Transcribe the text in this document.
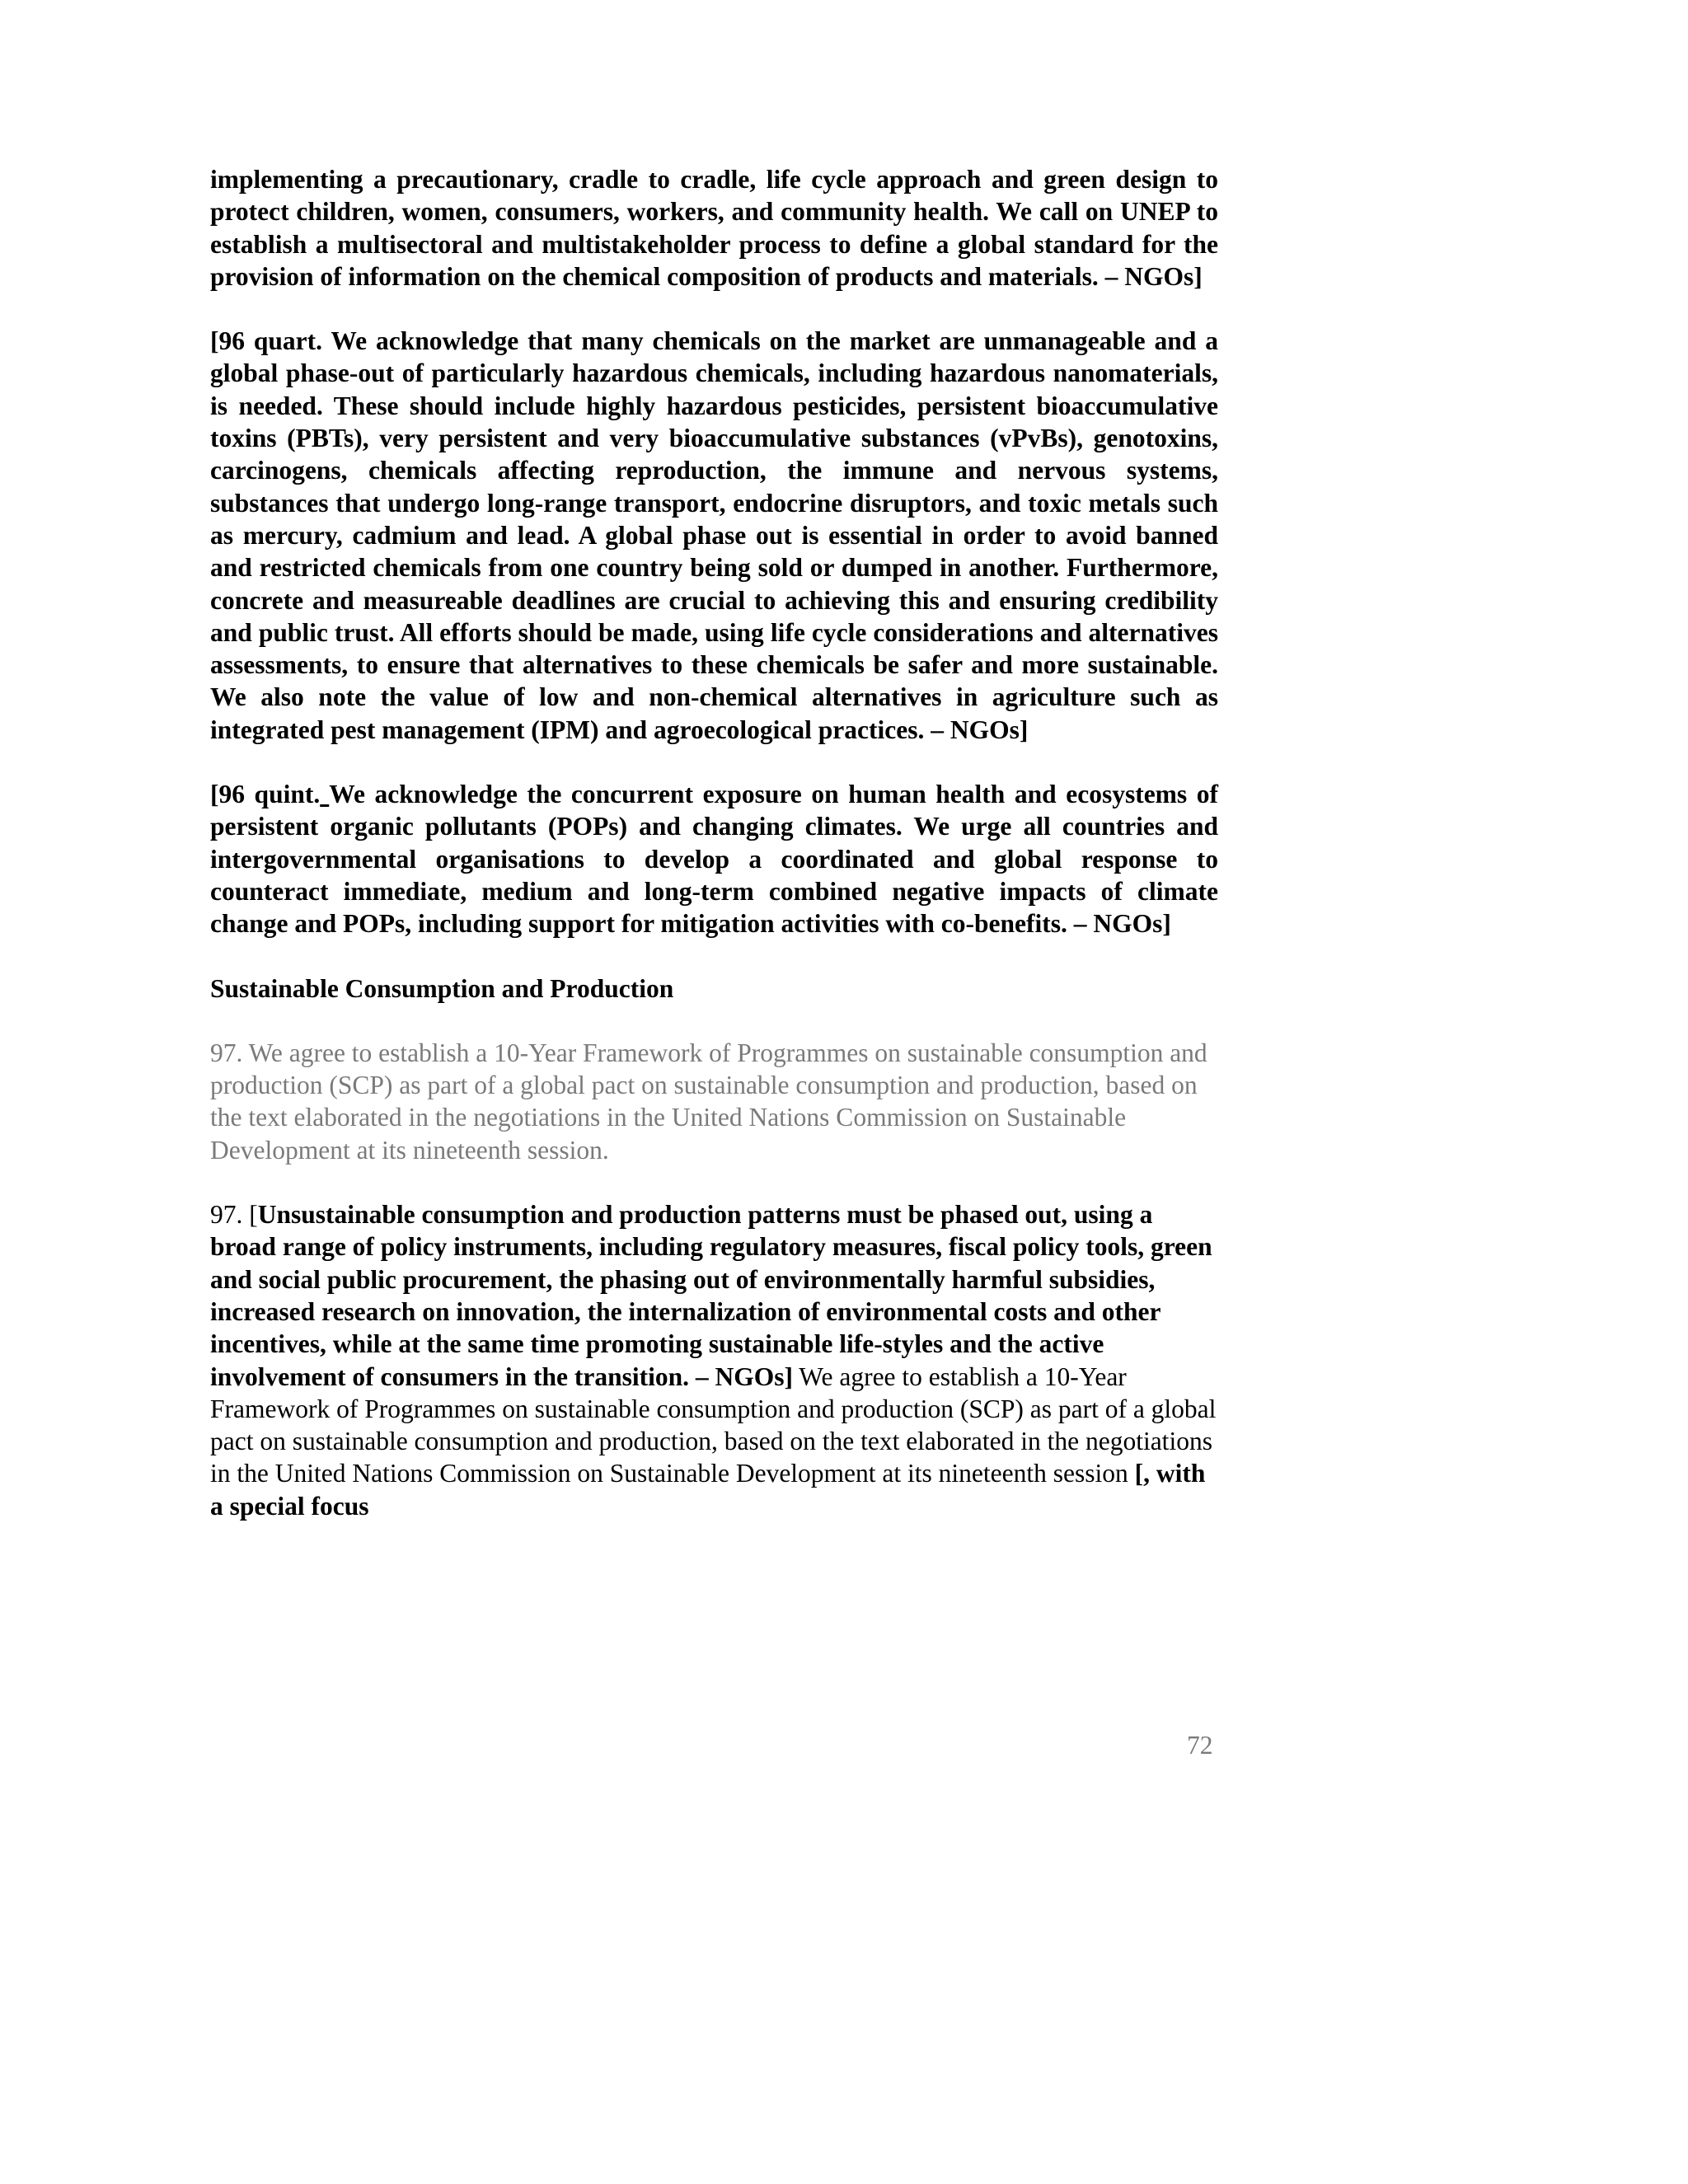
implementing a precautionary, cradle to cradle, life cycle approach and green design to protect children, women, consumers, workers, and community health. We call on UNEP to establish a multisectoral and multistakeholder process to define a global standard for the provision of information on the chemical composition of products and materials. – NGOs]

[96 quart. We acknowledge that many chemicals on the market are unmanageable and a global phase-out of particularly hazardous chemicals, including hazardous nanomaterials, is needed. These should include highly hazardous pesticides, persistent bioaccumulative toxins (PBTs), very persistent and very bioaccumulative substances (vPvBs), genotoxins, carcinogens, chemicals affecting reproduction, the immune and nervous systems, substances that undergo long-range transport, endocrine disruptors, and toxic metals such as mercury, cadmium and lead. A global phase out is essential in order to avoid banned and restricted chemicals from one country being sold or dumped in another. Furthermore, concrete and measureable deadlines are crucial to achieving this and ensuring credibility and public trust. All efforts should be made, using life cycle considerations and alternatives assessments, to ensure that alternatives to these chemicals be safer and more sustainable. We also note the value of low and non-chemical alternatives in agriculture such as integrated pest management (IPM) and agroecological practices. – NGOs]

[96 quint. We acknowledge the concurrent exposure on human health and ecosystems of persistent organic pollutants (POPs) and changing climates. We urge all countries and intergovernmental organisations to develop a coordinated and global response to counteract immediate, medium and long-term combined negative impacts of climate change and POPs, including support for mitigation activities with co-benefits. – NGOs]

Sustainable Consumption and Production

97. We agree to establish a 10-Year Framework of Programmes on sustainable consumption and production (SCP) as part of a global pact on sustainable consumption and production, based on the text elaborated in the negotiations in the United Nations Commission on Sustainable Development at its nineteenth session.

97. [Unsustainable consumption and production patterns must be phased out, using a broad range of policy instruments, including regulatory measures, fiscal policy tools, green and social public procurement, the phasing out of environmentally harmful subsidies, increased research on innovation, the internalization of environmental costs and other incentives, while at the same time promoting sustainable life-styles and the active involvement of consumers in the transition. – NGOs] We agree to establish a 10-Year Framework of Programmes on sustainable consumption and production (SCP) as part of a global pact on sustainable consumption and production, based on the text elaborated in the negotiations in the United Nations Commission on Sustainable Development at its nineteenth session [, with a special focus

72
